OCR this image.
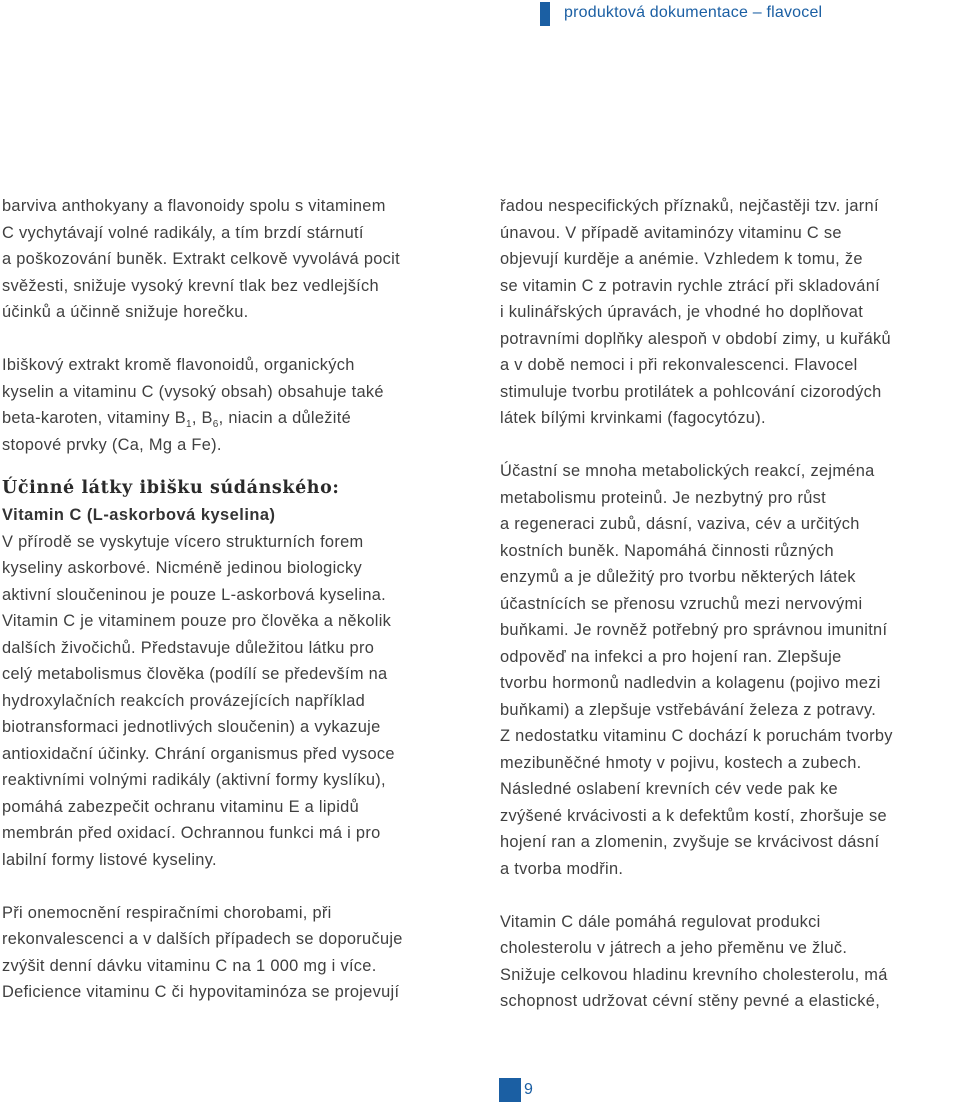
produktová dokumentace – flavocel

barviva anthokyany a flavonoidy spolu s vitaminem

C vychytávají volné radikály, a tím brzdí stárnutí

a poškozování buněk. Extrakt celkově vyvolává pocit

svěžesti, snižuje vysoký krevní tlak bez vedlejších

účinků a účinně snižuje horečku.

Ibiškový extrakt kromě flavonoidů, organických

kyselin a vitaminu C (vysoký obsah) obsahuje také

beta-karoten, vitaminy $B_1$, $B_6$, niacin a důležité

stopové prvky (Ca, Mg a Fe).

Účinné látky ibišku súdánského:

Vitamin C (L-askorbová kyselina)

V přírodě se vyskytuje vícero strukturních forem

kyseliny askorbové. Nicméně jedinou biologicky

aktivní sloučeninou je pouze L-askorbová kyselina.

Vitamin C je vitaminem pouze pro člověka a několik

dalších živočichů. Představuje důležitou látku pro

celý metabolismus člověka (podílí se především na

hydroxylačních reakcích provázejících například

biotransformaci jednotlivých sloučenin) a vykazuje

antioxidační účinky. Chrání organismus před vysoce

reaktivními volnými radikály (aktivní formy kyslíku),

pomáhá zabezpečit ochranu vitaminu E a lipidů

membrán před oxidací. Ochrannou funkci má i pro

labilní formy listové kyseliny.

Při onemocnění respiračními chorobami, při

rekonvalescenci a v dalších případech se doporučuje

zvýšit denní dávku vitaminu C na 1 000 mg i více.

Deficience vitaminu C či hypovitaminóza se projevují

řadou nespecifických příznaků, nejčastěji tzv. jarní

únavou. V případě avitaminózy vitaminu C se

objevují kurděje a anémie. Vzhledem k tomu, že

se vitamin C z potravin rychle ztrácí při skladování

i kulinářských úpravách, je vhodné ho doplňovat

potravními doplňky alespoň v období zimy, u kuřáků

a v době nemoci i při rekonvalescenci. Flavocel

stimuluje tvorbu protilátek a pohlcování cizorodých

látek bílými krvinkami (fagocytózu).

Účastní se mnoha metabolických reakcí, zejména

metabolismu proteinů. Je nezbytný pro růst

a regeneraci zubů, dásní, vaziva, cév a určitých

kostních buněk. Napomáhá činnosti různých

enzymů a je důležitý pro tvorbu některých látek

účastnících se přenosu vzruchů mezi nervovými

buňkami. Je rovněž potřebný pro správnou imunitní

odpověď na infekci a pro hojení ran. Zlepšuje

tvorbu hormonů nadledvin a kolagenu (pojivo mezi

buňkami) a zlepšuje vstřebávání železa z potravy.

Z nedostatku vitaminu C dochází k poruchám tvorby

mezibuněčné hmoty v pojivu, kostech a zubech.

Následné oslabení krevních cév vede pak ke

zvýšené krvácivosti a k defektům kostí, zhoršuje se

hojení ran a zlomenin, zvyšuje se krvácivost dásní

a tvorba modřin.

Vitamin C dále pomáhá regulovat produkci

cholesterolu v játrech a jeho přeměnu ve žluč.

Snižuje celkovou hladinu krevního cholesterolu, má

schopnost udržovat cévní stěny pevné a elastické,

9
